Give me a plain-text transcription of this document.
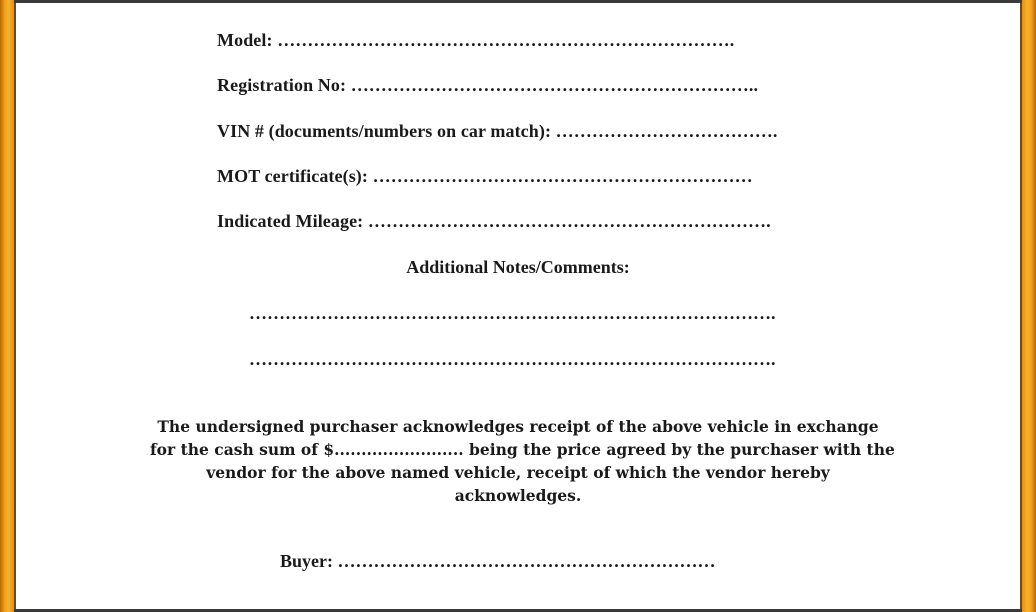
Model: ………………………………………………………………….
Registration No: …………………………………………………………..
VIN # (documents/numbers on car match): ……………………………….
MOT certificate(s): ………………………………………………………
Indicated Mileage: ………………………………………………………….
Additional Notes/Comments:
…………………………………………………………………………….
…………………………………………………………………………….
The undersigned purchaser acknowledges receipt of the above vehicle in exchange
for the cash sum of $........................ being the price agreed by the purchaser with the
vendor for the above named vehicle, receipt of which the vendor hereby
acknowledges.
Buyer: ………………………………………………………
